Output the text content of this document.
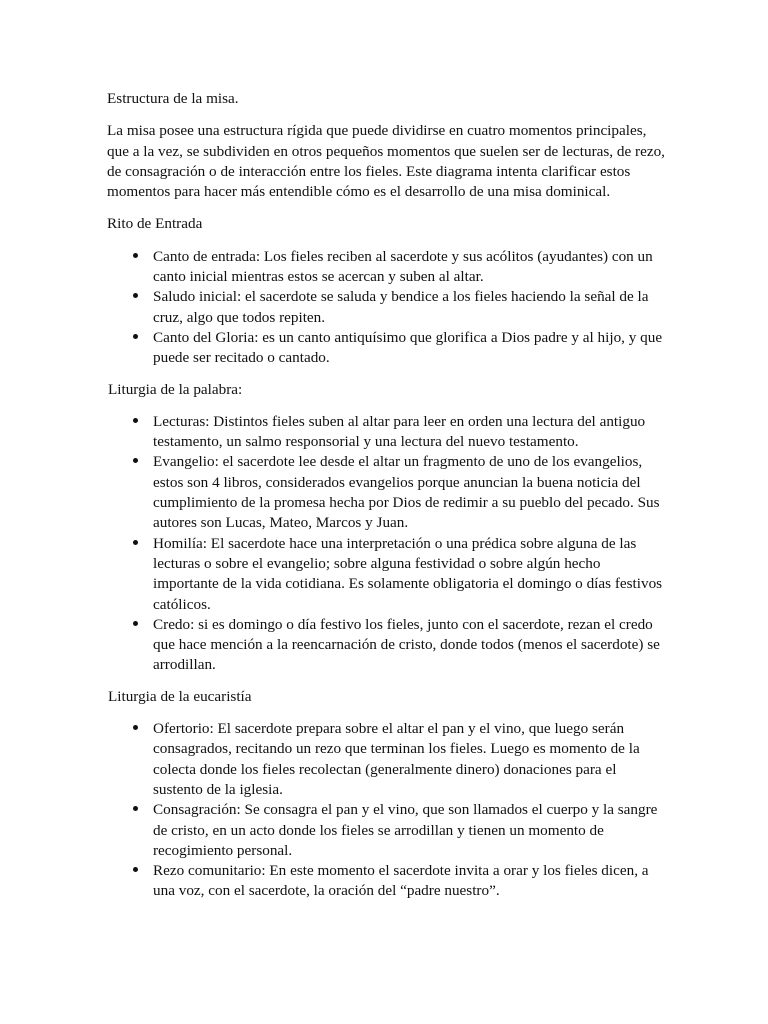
Estructura de la misa.

La misa posee una estructura rígida que puede dividirse en cuatro momentos principales, que a la vez, se subdividen en otros pequeños momentos que suelen ser de lecturas, de rezo, de consagración o de interacción entre los fieles. Este diagrama intenta clarificar estos momentos para hacer más entendible cómo es el desarrollo de una misa dominical.

Rito de Entrada

Canto de entrada: Los fieles reciben al sacerdote y sus acólitos (ayudantes) con un canto inicial mientras estos se acercan y suben al altar.
Saludo inicial: el sacerdote se saluda y bendice a los fieles haciendo la señal de la cruz, algo que todos repiten.
Canto del Gloria: es un canto antiquísimo que glorifica a Dios padre y al hijo, y que puede ser recitado o cantado.

Liturgia de la palabra:

Lecturas: Distintos fieles suben al altar para leer en orden una lectura del antiguo testamento, un salmo responsorial y una lectura del nuevo testamento.
Evangelio: el sacerdote lee desde el altar un fragmento de uno de los evangelios, estos son 4 libros, considerados evangelios porque anuncian la buena noticia del cumplimiento de la promesa hecha por Dios de redimir a su pueblo del pecado. Sus autores son Lucas, Mateo, Marcos y Juan.
Homilía: El sacerdote hace una interpretación o una prédica sobre alguna de las lecturas o sobre el evangelio; sobre alguna festividad o sobre algún hecho importante de la vida cotidiana. Es solamente obligatoria el domingo o días festivos católicos.
Credo: si es domingo o día festivo los fieles, junto con el sacerdote, rezan el credo que hace mención a la reencarnación de cristo, donde todos (menos el sacerdote) se arrodillan.

Liturgia de la eucaristía

Ofertorio: El sacerdote prepara sobre el altar el pan y el vino, que luego serán consagrados, recitando un rezo que terminan los fieles. Luego es momento de la colecta donde los fieles recolectan (generalmente dinero) donaciones para el sustento de la iglesia.
Consagración: Se consagra el pan y el vino, que son llamados el cuerpo y la sangre de cristo, en un acto donde los fieles se arrodillan y tienen un momento de recogimiento personal.
Rezo comunitario: En este momento el sacerdote invita a orar y los fieles dicen, a una voz, con el sacerdote, la oración del “padre nuestro”.
